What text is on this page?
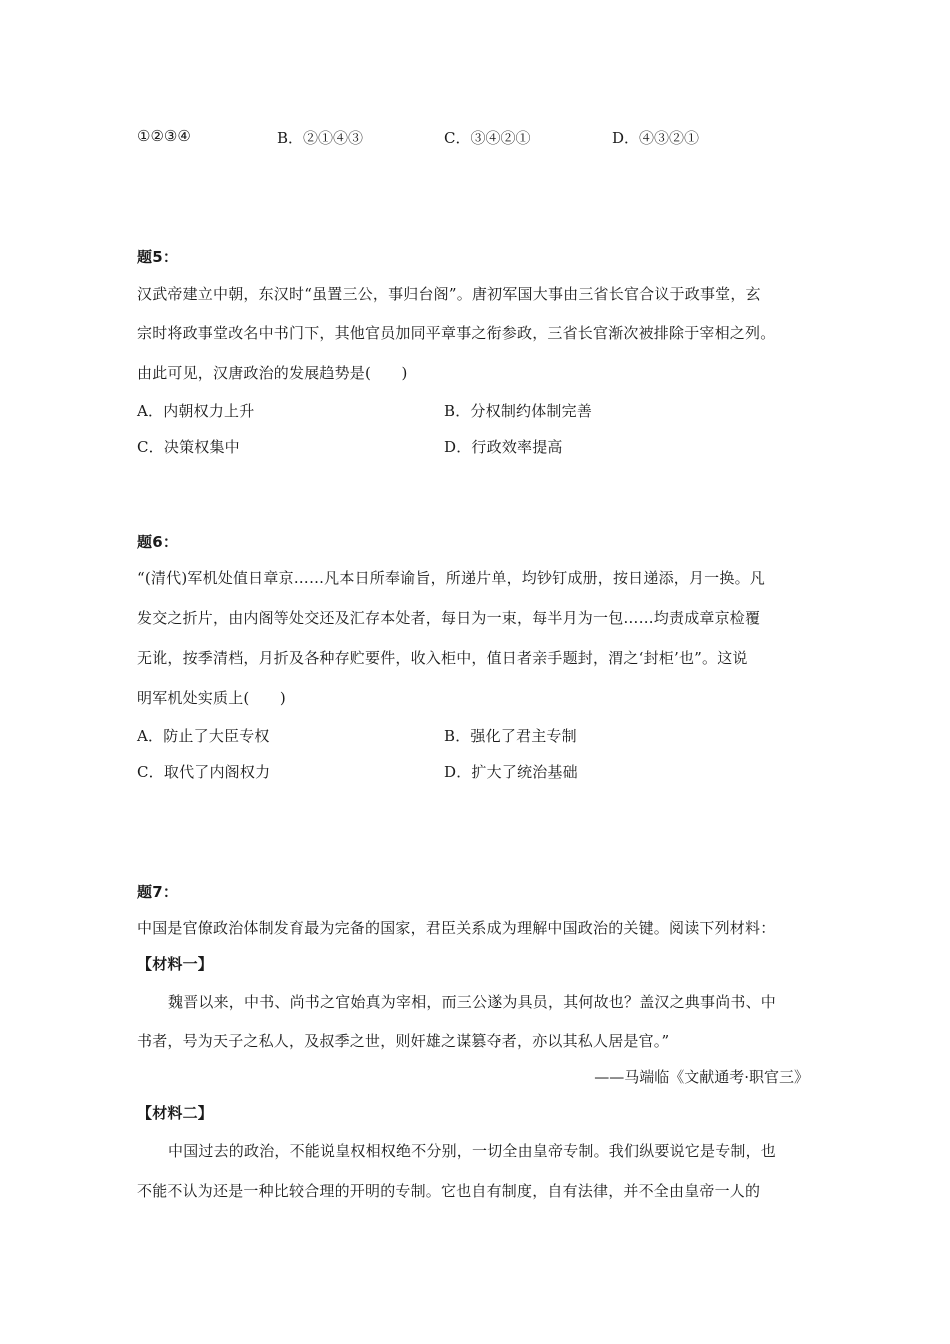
①②③④	B．②①④③	C．③④②①	D．④③②①
题5：
汉武帝建立中朝，东汉时“虽置三公，事归台阁”。唐初军国大事由三省长官合议于政事堂，玄
宗时将政事堂改名中书门下，其他官员加同平章事之衔参政，三省长官渐次被排除于宰相之列。
由此可见，汉唐政治的发展趋势是(　　)
A．内朝权力上升	B．分权制约体制完善
C．决策权集中	D．行政效率提高
题6：
“(清代)军机处值日章京……凡本日所奉谕旨，所递片单，均钞钉成册，按日递添，月一换。凡
发交之折片，由内阁等处交还及汇存本处者，每日为一束，每半月为一包……均责成章京检覆
无讹，按季清档，月折及各种存贮要件，收入柜中，值日者亲手题封，渭之‘封柜’也”。这说
明军机处实质上(　　)
A．防止了大臣专权	B．强化了君主专制
C．取代了内阁权力	D．扩大了统治基础
题7：
中国是官僚政治体制发育最为完备的国家，君臣关系成为理解中国政治的关键。阅读下列材料：
【材料一】
魏晋以来，中书、尚书之官始真为宰相，而三公遂为具员，其何故也？盖汉之典事尚书、中
书者，号为天子之私人，及叔季之世，则奸雄之谋篡夺者，亦以其私人居是官。”
——马端临《文献通考·职官三》
【材料二】
中国过去的政治，不能说皇权相权绝不分别，一切全由皇帝专制。我们纵要说它是专制，也
不能不认为还是一种比较合理的开明的专制。它也自有制度，自有法律，并不全由皇帝一人的
